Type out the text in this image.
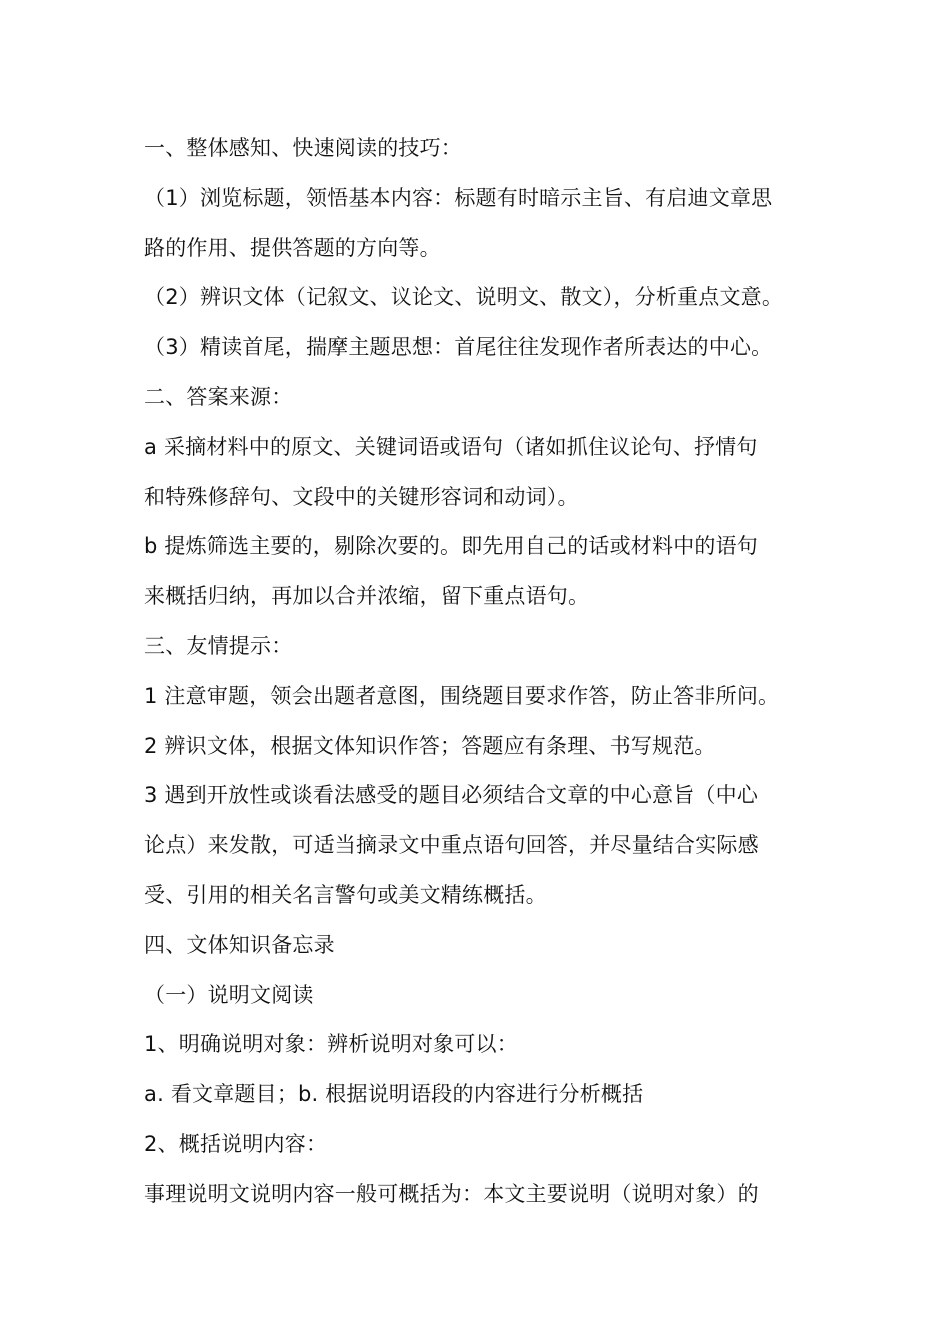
一、整体感知、快速阅读的技巧：
（1）浏览标题，领悟基本内容：标题有时暗示主旨、有启迪文章思
路的作用、提供答题的方向等。
（2）辨识文体（记叙文、议论文、说明文、散文），分析重点文意。
（3）精读首尾，揣摩主题思想：首尾往往发现作者所表达的中心。
二、答案来源：
a 采摘材料中的原文、关键词语或语句（诸如抓住议论句、抒情句
和特殊修辞句、文段中的关键形容词和动词）。
b 提炼筛选主要的，剔除次要的。即先用自己的话或材料中的语句
来概括归纳，再加以合并浓缩，留下重点语句。
三、友情提示：
1 注意审题，领会出题者意图，围绕题目要求作答，防止答非所问。
2 辨识文体，根据文体知识作答；答题应有条理、书写规范。
3 遇到开放性或谈看法感受的题目必须结合文章的中心意旨（中心
论点）来发散，可适当摘录文中重点语句回答，并尽量结合实际感
受、引用的相关名言警句或美文精练概括。
四、文体知识备忘录
（一）说明文阅读
1、明确说明对象：辨析说明对象可以：
a. 看文章题目；b. 根据说明语段的内容进行分析概括
2、概括说明内容：
事理说明文说明内容一般可概括为：本文主要说明（说明对象）的
